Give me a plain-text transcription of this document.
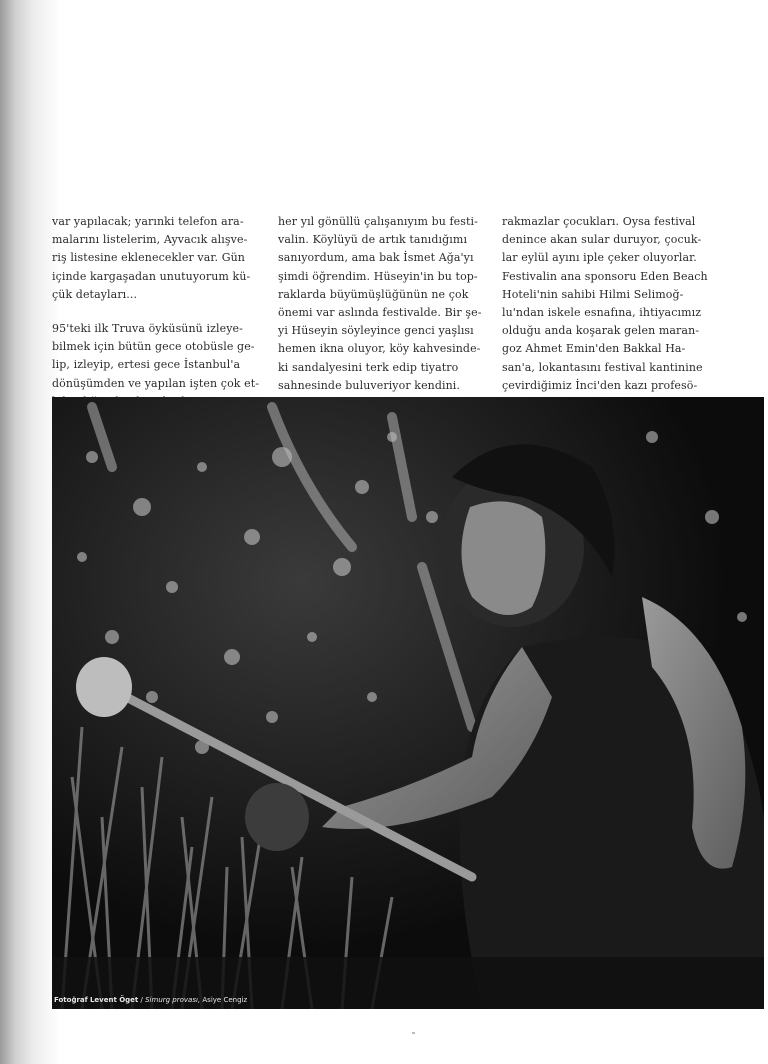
var yapılacak; yarınki telefon ara-
malarını listelerim, Ayvacık alışve-
riş listesine eklenecekler var. Gün
içinde kargaşadan unutuyorum kü-
çük detayları...

95'teki ilk Truva öyküsünü izleye-
bilmek için bütün gece otobüsle ge-
lip, izleyip, ertesi gece İstanbul'a
dönüşümden ve yapılan işten çok et-

her yıl gönüllü çalışanıyım bu festi-
valin. Köylüyü de artık tanıdığımı
sanıyordum, ama bak İsmet Ağa'yı
şimdi öğrendim. Hüseyin'in bu top-
raklarda büyümüşlüğünün ne çok
önemi var aslında festivalde. Bir şe-
yi Hüseyin söyleyince genci yaşlısı
hemen ikna oluyor, köy kahvesinde-
ki sandalyesini terk edip tiyatro
sahnesinde buluveriyor kendini.

rakmazlar çocukları. Oysa festival
denince akan sular duruyor, çocuk-
lar eylül ayını iple çeker oluyorlar.
Festivalin ana sponsoru Eden Beach
Hoteli'nin sahibi Hilmi Selimoğ-
lu'ndan iskele esnafına, ihtiyacımız
olduğu anda koşarak gelen maran-
goz Ahmet Emin'den Bakkal Ha-
san'a, lokantasını festival kantinine
çevirdiğimiz İnci'den kazı profesö-

Fotoğraf Levent Öget / Simurg provası, Asiye Cengiz
